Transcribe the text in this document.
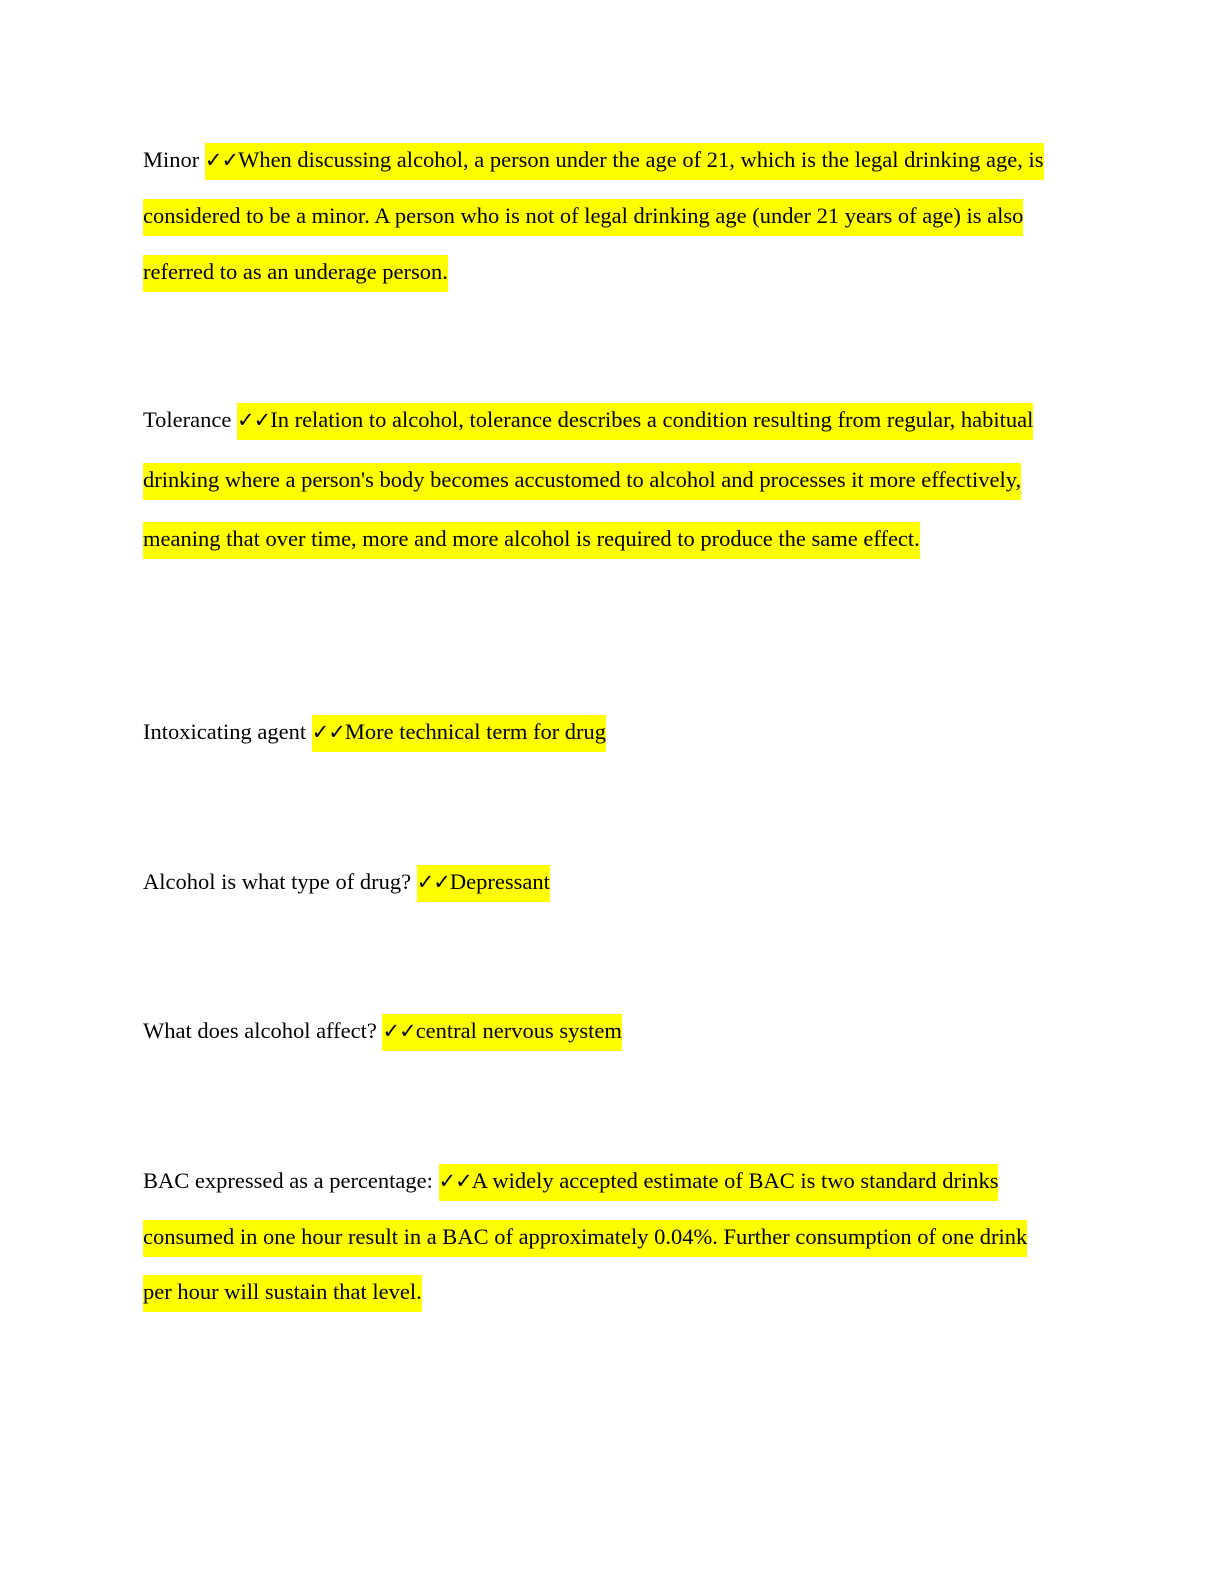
Minor ✓✓When discussing alcohol, a person under the age of 21, which is the legal drinking age, is considered to be a minor. A person who is not of legal drinking age (under 21 years of age) is also referred to as an underage person.

Tolerance ✓✓In relation to alcohol, tolerance describes a condition resulting from regular, habitual drinking where a person's body becomes accustomed to alcohol and processes it more effectively, meaning that over time, more and more alcohol is required to produce the same effect.

Intoxicating agent ✓✓More technical term for drug

Alcohol is what type of drug? ✓✓Depressant

What does alcohol affect? ✓✓central nervous system

BAC expressed as a percentage: ✓✓A widely accepted estimate of BAC is two standard drinks consumed in one hour result in a BAC of approximately 0.04%. Further consumption of one drink per hour will sustain that level.
